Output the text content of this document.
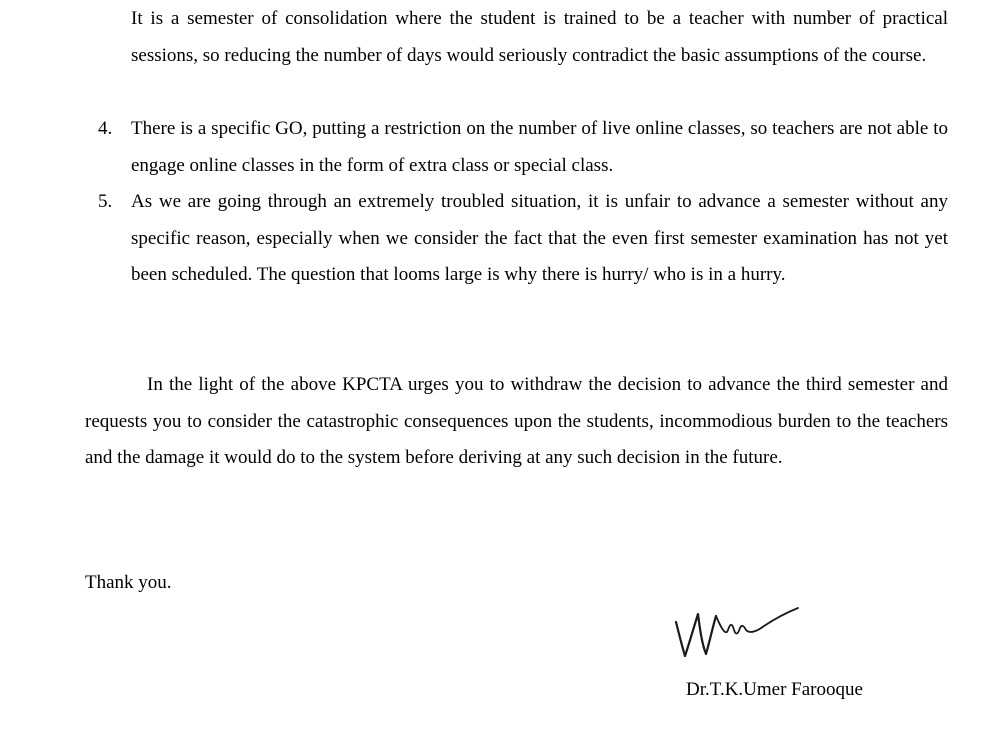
It is a semester of consolidation where the student is trained to be a teacher with number of practical sessions, so reducing the number of days would seriously contradict the basic assumptions of the course.

4. There is a specific GO, putting a restriction on the number of live online classes, so teachers are not able to engage online classes in the form of extra class or special class.
5. As we are going through an extremely troubled situation, it is unfair to advance a semester without any specific reason, especially when we consider the fact that the even first semester examination has not yet been scheduled. The question that looms large is why there is hurry/ who is in a hurry.

In the light of the above KPCTA urges you to withdraw the decision to advance the third semester and requests you to consider the catastrophic consequences upon the students, incommodious burden to the teachers and the damage it would do to the system before deriving at any such decision in the future.

Thank you.

Dr.T.K.Umer Farooque
